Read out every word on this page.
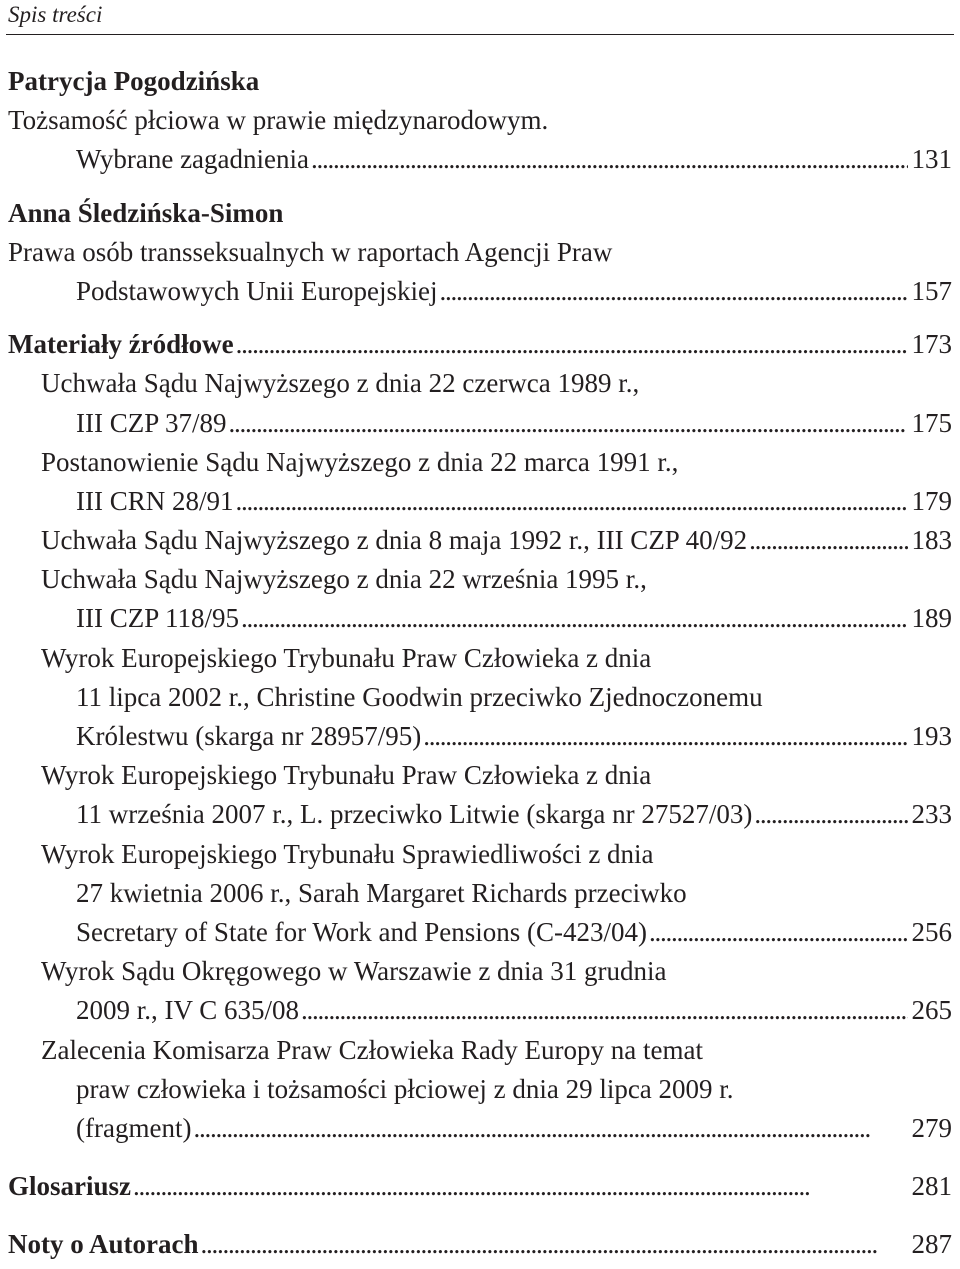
Spis treści
Patrycja Pogodzińska
Tożsamość płciowa w prawie międzynarodowym.
Wybrane zagadnienia . . .	131
Anna Śledzińska-Simon
Prawa osób transseksualnych w raportach Agencji Praw
Podstawowych Unii Europejskiej . . .	157
Materiały źródłowe . . .	173
Uchwała Sądu Najwyższego z dnia 22 czerwca 1989 r.,
III CZP 37/89 . . .	175
Postanowienie Sądu Najwyższego z dnia 22 marca 1991 r.,
III CRN 28/91 . . .	179
Uchwała Sądu Najwyższego z dnia 8 maja 1992 r., III CZP 40/92 . . .	183
Uchwała Sądu Najwyższego z dnia 22 września 1995 r.,
III CZP 118/95 . . .	189
Wyrok Europejskiego Trybunału Praw Człowieka z dnia
11 lipca 2002 r., Christine Goodwin przeciwko Zjednoczonemu
Królestwu (skarga nr 28957/95) . . .	193
Wyrok Europejskiego Trybunału Praw Człowieka z dnia
11 września 2007 r., L. przeciwko Litwie (skarga nr 27527/03) . . .	233
Wyrok Europejskiego Trybunału Sprawiedliwości z dnia
27 kwietnia 2006 r., Sarah Margaret Richards przeciwko
Secretary of State for Work and Pensions (C-423/04) . . .	256
Wyrok Sądu Okręgowego w Warszawie z dnia 31 grudnia
2009 r., IV C 635/08 . . .	265
Zalecenia Komisarza Praw Człowieka Rady Europy na temat
praw człowieka i tożsamości płciowej z dnia 29 lipca 2009 r.
(fragment) . . .	279
Glosariusz . . .	281
Noty o Autorach . . .	287
